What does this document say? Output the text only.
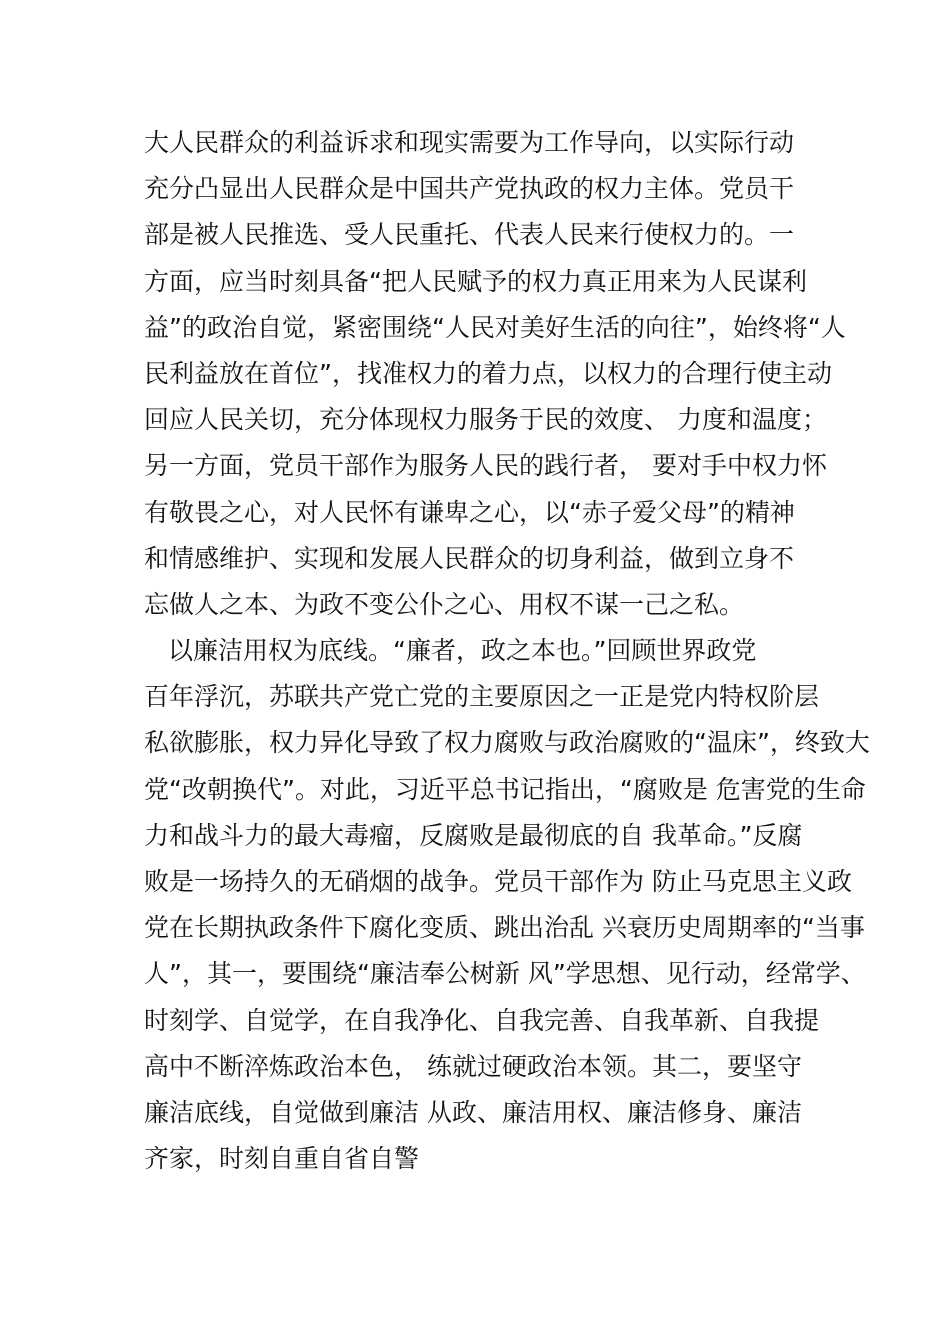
大人民群众的利益诉求和现实需要为工作导向，以实际行动
充分凸显出人民群众是中国共产党执政的权力主体。党员干
部是被人民推选、受人民重托、代表人民来行使权力的。一
方面，应当时刻具备“把人民赋予的权力真正用来为人民谋利
益”的政治自觉，紧密围绕“人民对美好生活的向往”，始终将“人
民利益放在首位”，找准权力的着力点，以权力的合理行使主动
回应人民关切，充分体现权力服务于民的效度、 力度和温度；
另一方面，党员干部作为服务人民的践行者， 要对手中权力怀
有敬畏之心，对人民怀有谦卑之心，以“赤子爱父母”的精神
和情感维护、实现和发展人民群众的切身利益，做到立身不
忘做人之本、为政不变公仆之心、用权不谋一己之私。
以廉洁用权为底线。“廉者，政之本也。”回顾世界政党
百年浮沉，苏联共产党亡党的主要原因之一正是党内特权阶层
私欲膨胀，权力异化导致了权力腐败与政治腐败的“温床”，终致大
党“改朝换代”。对此，习近平总书记指出，“腐败是 危害党的生命
力和战斗力的最大毒瘤，反腐败是最彻底的自 我革命。”反腐
败是一场持久的无硝烟的战争。党员干部作为 防止马克思主义政
党在长期执政条件下腐化变质、跳出治乱 兴衰历史周期率的“当事
人”，其一，要围绕“廉洁奉公树新 风”学思想、见行动，经常学、
时刻学、自觉学，在自我净化、自我完善、自我革新、自我提
高中不断淬炼政治本色， 练就过硬政治本领。其二，要坚守
廉洁底线，自觉做到廉洁 从政、廉洁用权、廉洁修身、廉洁
齐家，时刻自重自省自警
